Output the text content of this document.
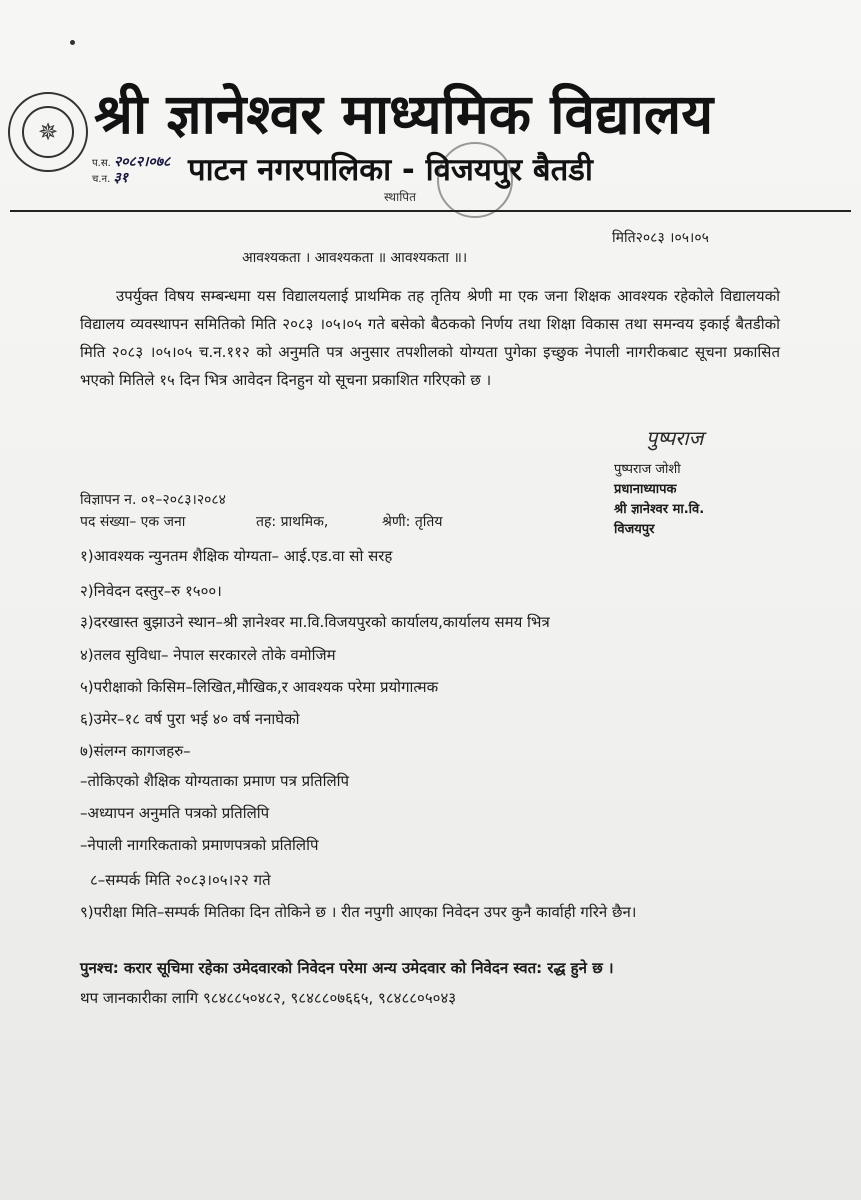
✵ श्री ज्ञानेश्वर माध्यमिक विद्यालय
प.स. २०८२।०७८
च.न. ३१	पाटन नगरपालिका - विजयपुर बैतडी
स्थापित
मिति२०८३ ।०५।०५
आवश्यकता । आवश्यकता ॥ आवश्यकता ॥।
उपर्युक्त विषय सम्बन्धमा यस विद्यालयलाई प्राथमिक तह तृतिय श्रेणी मा एक जना शिक्षक आवश्यक रहेकोले विद्यालयको विद्यालय व्यवस्थापन समितिको मिति २०८३ ।०५।०५ गते बसेको बैठकको निर्णय तथा शिक्षा विकास तथा समन्वय इकाई बैतडीको मिति २०८३ ।०५।०५ च.न.११२ को अनुमति पत्र अनुसार तपशीलको योग्यता पुगेका इच्छुक नेपाली नागरीकबाट सूचना प्रकासित भएको मितिले १५ दिन भित्र आवेदन दिनहुन यो सूचना प्रकाशित गरिएको छ ।
पुष्पराज
पुष्पराज जोशी
प्रधानाध्यापक
श्री ज्ञानेश्वर मा.वि.
विजयपुर
विज्ञापन न. ०१–२०८३।२०८४
पद संख्या– एक जना	तह: प्राथमिक,	श्रेणी: तृतिय
१)आवश्यक न्युनतम शैक्षिक योग्यता– आई.एड.वा सो सरह
२)निवेदन दस्तुर–रु १५००।
३)दरखास्त बुझाउने स्थान–श्री ज्ञानेश्वर मा.वि.विजयपुरको कार्यालय,कार्यालय समय भित्र
४)तलव सुविधा– नेपाल सरकारले तोके वमोजिम
५)परीक्षाको किसिम–लिखित,मौखिक,र आवश्यक परेमा प्रयोगात्मक
६)उमेर–१८ वर्ष पुरा भई ४० वर्ष ननाघेको
७)संलग्न कागजहरु–
–तोकिएको शैक्षिक योग्यताका प्रमाण पत्र प्रतिलिपि
–अध्यापन अनुमति पत्रको प्रतिलिपि
–नेपाली नागरिकताको प्रमाणपत्रको प्रतिलिपि
८–सम्पर्क मिति २०८३।०५।२२ गते
९)परीक्षा मिति–सम्पर्क मितिका दिन तोकिने छ । रीत नपुगी आएका निवेदन उपर कुनै कार्वाही गरिने छैन।
पुनश्च: करार सूचिमा रहेका उमेदवारको निवेदन परेमा अन्य उमेदवार को निवेदन स्वत: रद्ध हुने छ ।
थप जानकारीका लागि ९८४८८५०४८२, ९८४८८०७६६५, ९८४८८०५०४३
